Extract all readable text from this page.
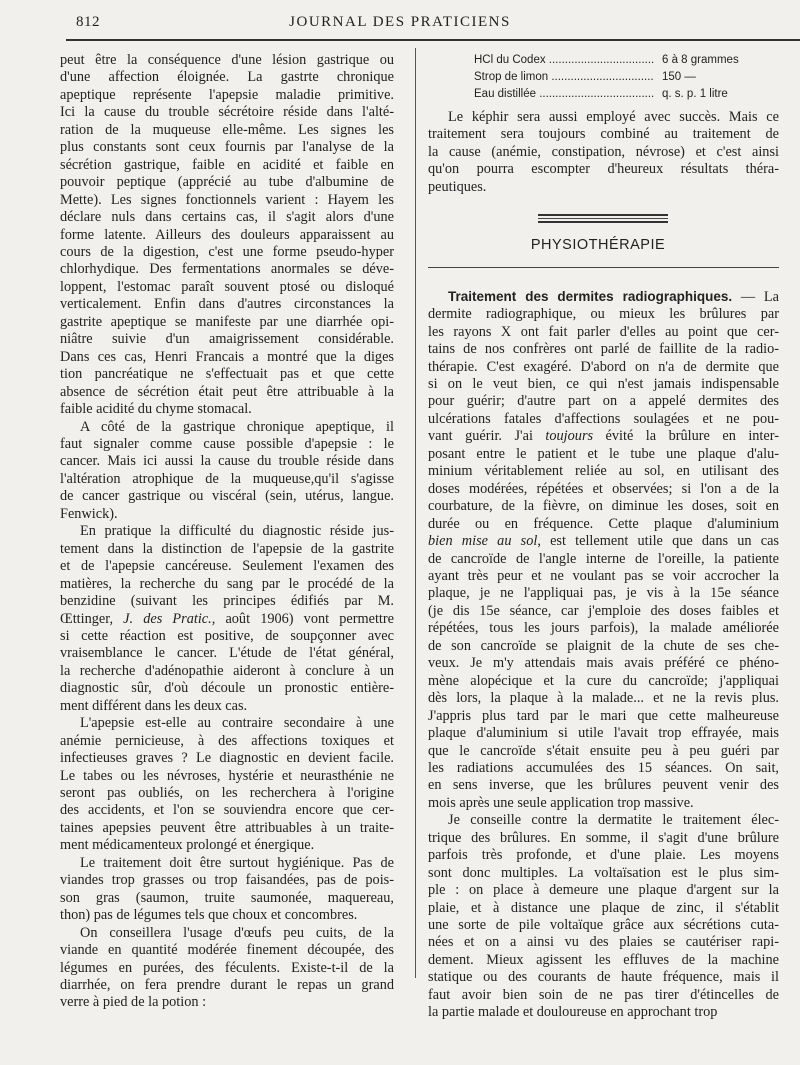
812	JOURNAL DES PRATICIENS

peut être la conséquence d'une lésion gastrique ou
d'une affection éloignée. La gastrte chronique
apeptique représente l'apepsie maladie primitive.
Ici la cause du trouble sécrétoire réside dans l'alté-
ration de la muqueuse elle-même. Les signes les
plus constants sont ceux fournis par l'analyse de la
sécrétion gastrique, faible en acidité et faible en
pouvoir peptique (apprécié au tube d'albumine de
Mette). Les signes fonctionnels varient : Hayem les
déclare nuls dans certains cas, il s'agit alors d'une
forme latente. Ailleurs des douleurs apparaissent au
cours de la digestion, c'est une forme pseudo-hyper
chlorhydique. Des fermentations anormales se déve-
loppent, l'estomac paraît souvent ptosé ou disloqué
verticalement. Enfin dans d'autres circonstances la
gastrite apeptique se manifeste par une diarrhée opi-
niâtre suivie d'un amaigrissement considérable.
Dans ces cas, Henri Francais a montré que la diges
tion pancréatique ne s'effectuait pas et que cette
absence de sécrétion était peut être attribuable à la
faible acidité du chyme stomacal.

A côté de la gastrique chronique apeptique, il
faut signaler comme cause possible d'apepsie : le
cancer. Mais ici aussi la cause du trouble réside dans
l'altération atrophique de la muqueuse,qu'il s'agisse
de cancer gastrique ou viscéral (sein, utérus, langue.
Fenwick).

En pratique la difficulté du diagnostic réside jus-
tement dans la distinction de l'apepsie de la gastrite
et de l'apepsie cancéreuse. Seulement l'examen des
matières, la recherche du sang par le procédé de la
benzidine (suivant les principes édifiés par M.
Œttinger, J. des Pratic., août 1906) vont permettre
si cette réaction est positive, de soupçonner avec
vraisemblance le cancer. L'étude de l'état général,
la recherche d'adénopathie aideront à conclure à un
diagnostic sûr, d'où découle un pronostic entière-
ment différent dans les deux cas.

L'apepsie est-elle au contraire secondaire à une
anémie pernicieuse, à des affections toxiques et
infectieuses graves ? Le diagnostic en devient facile.
Le tabes ou les névroses, hystérie et neurasthénie ne
seront pas oubliés, on les recherchera à l'origine
des accidents, et l'on se souviendra encore que cer-
taines apepsies peuvent être attribuables à un traite-
ment médicamenteux prolongé et énergique.

Le traitement doit être surtout hygiénique. Pas de
viandes trop grasses ou trop faisandées, pas de pois-
son gras (saumon, truite saumonée, maquereau,
thon) pas de légumes tels que choux et concombres.

On conseillera l'usage d'œufs peu cuits, de la
viande en quantité modérée finement découpée, des
légumes en purées, des féculents. Existe-t-il de la
diarrhée, on fera prendre durant le repas un grand
verre à pied de la potion :

HCl du Codex .....	6 à 8 grammes
Strop de limon .....	150 —
Eau distillée .....	q. s. p. 1 litre

Le képhir sera aussi employé avec succès. Mais ce
traitement sera toujours combiné au traitement de
la cause (anémie, constipation, névrose) et c'est ainsi
qu'on pourra escompter d'heureux résultats théra-
peutiques.

PHYSIOTHÉRAPIE

Traitement des dermites radiographiques. — La
dermite radiographique, ou mieux les brûlures par
les rayons X ont fait parler d'elles au point que cer-
tains de nos confrères ont parlé de faillite de la radio-
thérapie. C'est exagéré. D'abord on n'a de dermite que
si on le veut bien, ce qui n'est jamais indispensable
pour guérir; d'autre part on a appelé dermites des
ulcérations fatales d'affections soulagées et ne pou-
vant guérir. J'ai toujours évité la brûlure en inter-
posant entre le patient et le tube une plaque d'alu-
minium véritablement reliée au sol, en utilisant des
doses modérées, répétées et observées; si l'on a de la
courbature, de la fièvre, on diminue les doses, soit en
durée ou en fréquence. Cette plaque d'aluminium
bien mise au sol, est tellement utile que dans un cas
de cancroïde de l'angle interne de l'oreille, la patiente
ayant très peur et ne voulant pas se voir accrocher la
plaque, je ne l'appliquai pas, je vis à la 15e séance
(je dis 15e séance, car j'emploie des doses faibles et
répétées, tous les jours parfois), la malade améliorée
de son cancroïde se plaignit de la chute de ses che-
veux. Je m'y attendais mais avais préféré ce phéno-
mène alopécique et la cure du cancroïde; j'appliquai
dès lors, la plaque à la malade... et ne la revis plus.
J'appris plus tard par le mari que cette malheureuse
plaque d'aluminium si utile l'avait trop effrayée, mais
que le cancroïde s'était ensuite peu à peu guéri par
les radiations accumulées des 15 séances. On sait,
en sens inverse, que les brûlures peuvent venir des
mois après une seule application trop massive.

Je conseille contre la dermatite le traitement élec-
trique des brûlures. En somme, il s'agit d'une brûlure
parfois très profonde, et d'une plaie. Les moyens
sont donc multiples. La voltaïsation est le plus sim-
ple : on place à demeure une plaque d'argent sur la
plaie, et à distance une plaque de zinc, il s'établit
une sorte de pile voltaïque grâce aux sécrétions cuta-
nées et on a ainsi vu des plaies se cautériser rapi-
dement. Mieux agissent les effluves de la machine
statique ou des courants de haute fréquence, mais il
faut avoir bien soin de ne pas tirer d'étincelles de
la partie malade et douloureuse en approchant trop
